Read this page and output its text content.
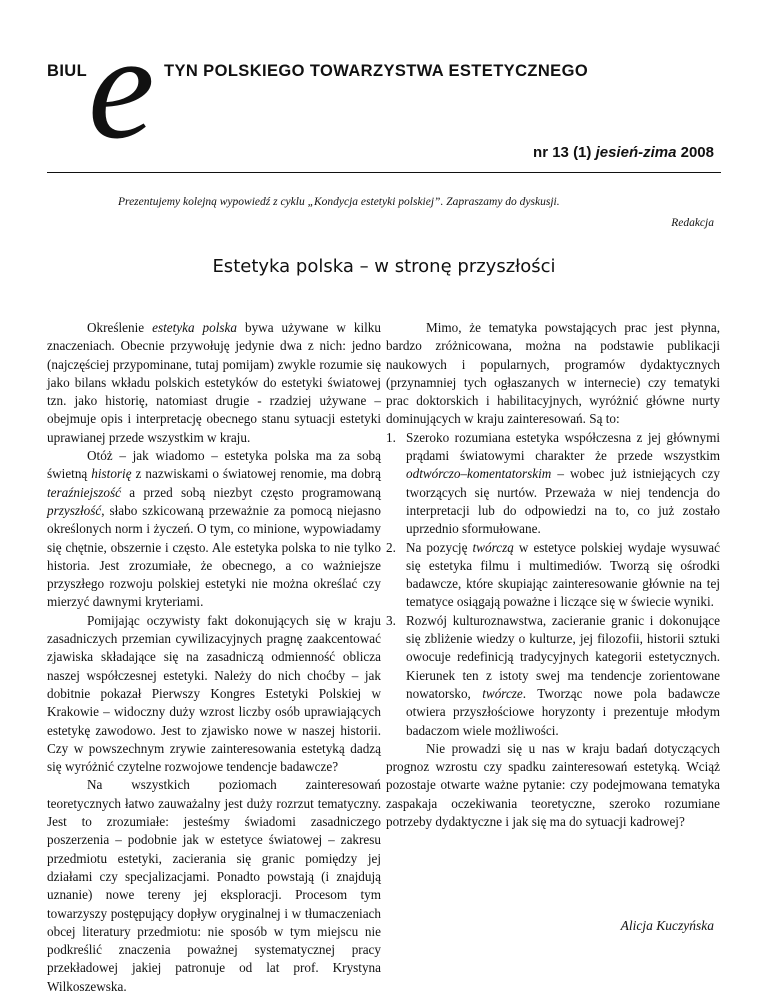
BIUL e TYN POLSKIEGO TOWARZYSTWA ESTETYCZNEGO
nr 13 (1) jesień-zima 2008
Prezentujemy kolejną wypowiedź z cyklu „Kondycja estetyki polskiej”. Zapraszamy do dyskusji.
Redakcja
Estetyka polska – w stronę przyszłości

Określenie estetyka polska bywa używane w kilku znaczeniach. Obecnie przywołuję jedynie dwa z nich: jedno (najczęściej przypominane, tutaj pomijam) zwykle rozumie się jako bilans wkładu polskich estetyków do estetyki światowej tzn. jako historię, natomiast drugie - rzadziej używane – obejmuje opis i interpretację obecnego stanu sytuacji estetyki uprawianej przede wszystkim w kraju.

Otóż – jak wiadomo – estetyka polska ma za sobą świetną historię z nazwiskami o światowej renomie, ma dobrą teraźniejszość a przed sobą niezbyt często programowaną przyszłość, słabo szkicowaną przeważnie za pomocą niejasno określonych norm i życzeń. O tym, co minione, wypowiadamy się chętnie, obszernie i często. Ale estetyka polska to nie tylko historia. Jest zrozumiałe, że obecnego, a co ważniejsze przyszłego rozwoju polskiej estetyki nie można określać czy mierzyć dawnymi kryteriami.

Pomijając oczywisty fakt dokonujących się w kraju zasadniczych przemian cywilizacyjnych pragnę zaakcentować zjawiska składające się na zasadniczą odmienność oblicza naszej współczesnej estetyki. Należy do nich choćby – jak dobitnie pokazał Pierwszy Kongres Estetyki Polskiej w Krakowie – widoczny duży wzrost liczby osób uprawiających estetykę zawodowo. Jest to zjawisko nowe w naszej historii. Czy w powszechnym zrywie zainteresowania estetyką dadzą się wyróżnić czytelne rozwojowe tendencje badawcze?

Na wszystkich poziomach zainteresowań teoretycznych łatwo zauważalny jest duży rozrzut tematyczny. Jest to zrozumiałe: jesteśmy świadomi zasadniczego poszerzenia – podobnie jak w estetyce światowej – zakresu przedmiotu estetyki, zacierania się granic pomiędzy jej działami czy specjalizacjami. Ponadto powstają (i znajdują uznanie) nowe tereny jej eksploracji. Procesom tym towarzyszy postępujący dopływ oryginalnej i w tłumaczeniach obcej literatury przedmiotu: nie sposób w tym miejscu nie podkreślić znaczenia poważnej systematycznej pracy przekładowej jakiej patronuje od lat prof. Krystyna Wilkoszewska.

Mimo, że tematyka powstających prac jest płynna, bardzo zróżnicowana, można na podstawie publikacji naukowych i popularnych, programów dydaktycznych (przynamniej tych ogłaszanych w internecie) czy tematyki prac doktorskich i habilitacyjnych, wyróżnić główne nurty dominujących w kraju zainteresowań. Są to:

1. Szeroko rozumiana estetyka współczesna z jej głównymi prądami światowymi charakter że przede wszystkim odtwórczo–komentatorskim – wobec już istniejących czy tworzących się nurtów. Przeważa w niej tendencja do interpretacji lub do odpowiedzi na to, co już zostało uprzednio sformułowane.
2. Na pozycję twórczą w estetyce polskiej wydaje wysuwać się estetyka filmu i multimediów. Tworzą się ośrodki badawcze, które skupiając zainteresowanie głównie na tej tematyce osiągają poważne i liczące się w świecie wyniki.
3. Rozwój kulturoznawstwa, zacieranie granic i dokonujące się zbliżenie wiedzy o kulturze, jej filozofii, historii sztuki owocuje redefinicją tradycyjnych kategorii estetycznych. Kierunek ten z istoty swej ma tendencje zorientowane nowatorsko, twórcze. Tworząc nowe pola badawcze otwiera przyszłościowe horyzonty i prezentuje młodym badaczom wiele możliwości.

Nie prowadzi się u nas w kraju badań dotyczących prognoz wzrostu czy spadku zainteresowań estetyką. Wciąż pozostaje otwarte ważne pytanie: czy podejmowana tematyka zaspakaja oczekiwania teoretyczne, szeroko rozumiane potrzeby dydaktyczne i jak się ma do sytuacji kadrowej?

Alicja Kuczyńska
